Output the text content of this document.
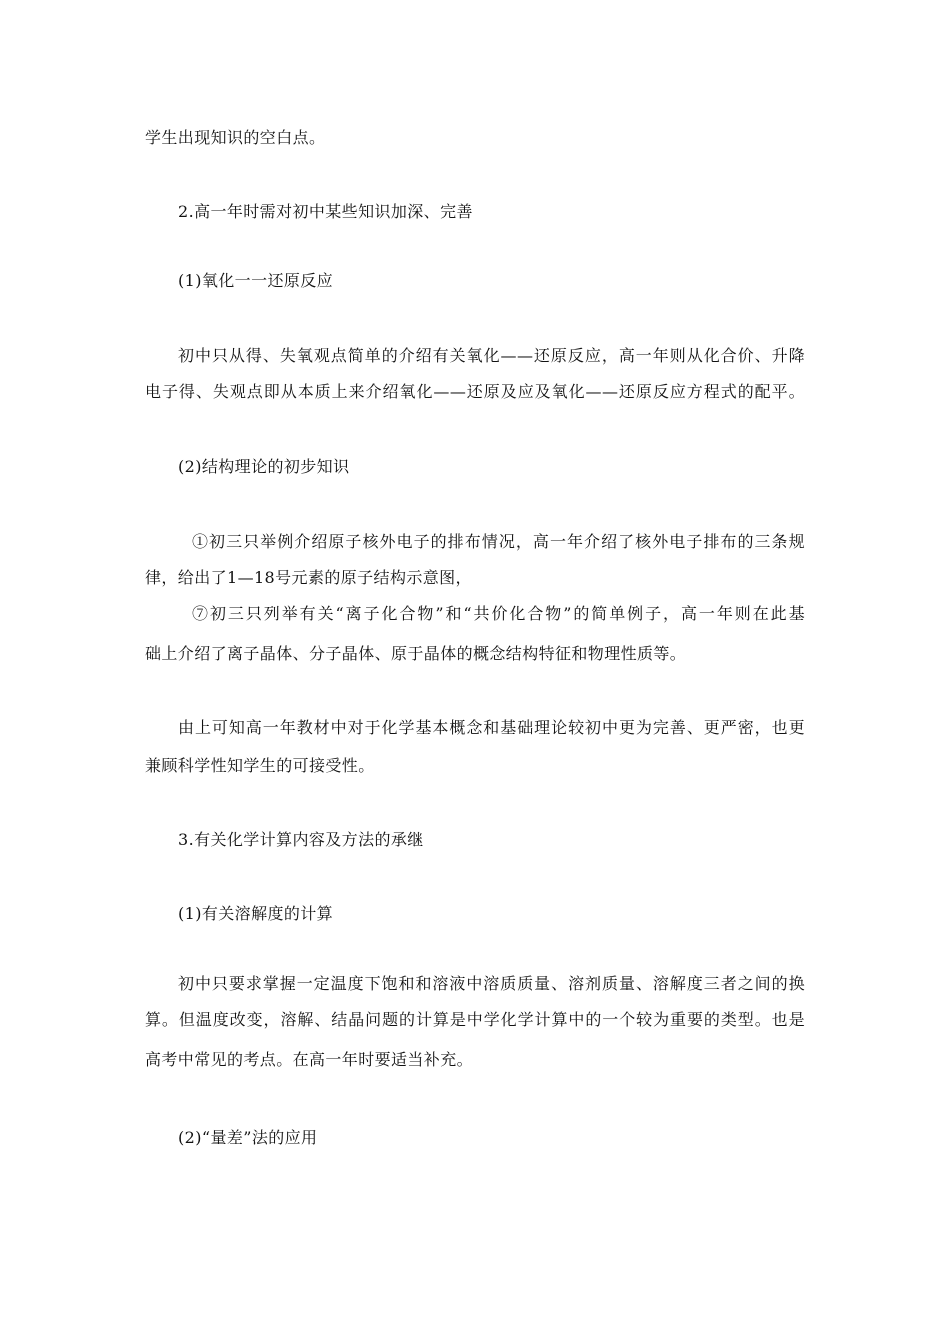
学生出现知识的空白点。

2.高一年时需对初中某些知识加深、完善

(1)氧化一一还原反应

初中只从得、失氧观点简单的介绍有关氧化——还原反应，高一年则从化合价、升降

电子得、失观点即从本质上来介绍氧化——还原及应及氧化——还原反应方程式的配平。

(2)结构理论的初步知识

①初三只举例介绍原子核外电子的排布情况，高一年介绍了核外电子排布的三条规

律，给出了1—18号元素的原子结构示意图，

⑦初三只列举有关“离子化合物”和“共价化合物”的简单例子，高一年则在此基

础上介绍了离子晶体、分子晶体、原于晶体的概念结构特征和物理性质等。

由上可知高一年教材中对于化学基本概念和基础理论较初中更为完善、更严密，也更

兼顾科学性知学生的可接受性。

3.有关化学计算内容及方法的承继

(1)有关溶解度的计算

初中只要求掌握一定温度下饱和和溶液中溶质质量、溶剂质量、溶解度三者之间的换

算。但温度改变，溶解、结晶问题的计算是中学化学计算中的一个较为重要的类型。也是

高考中常见的考点。在高一年时要适当补充。

(2)“量差”法的应用
